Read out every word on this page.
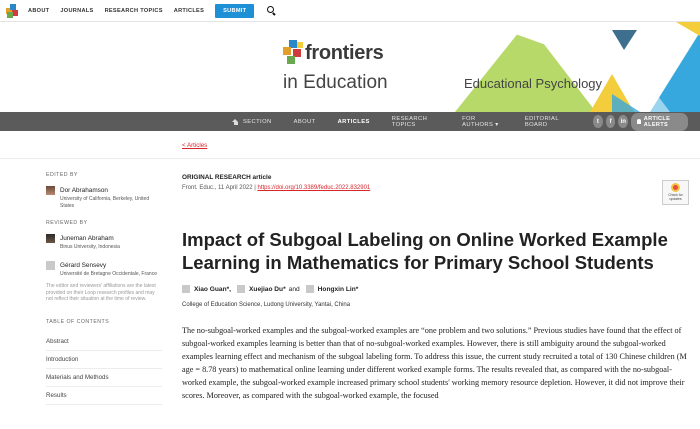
ABOUT JOURNALS RESEARCH TOPICS ARTICLES	SUBMIT
frontiers
in Education	Educational Psychology
SECTION	ABOUT	ARTICLES	RESEARCH TOPICS
FOR AUTHORS ▾
EDITORIAL BOARD	t	f	in	ARTICLE ALERTS
< Articles
EDITED BY
Dor Abrahamson
University of California, Berkeley, United States
REVIEWED BY
Juneman Abraham
Binus University, Indonesia
Gérard Sensevy
Université de Bretagne Occidentale, France
The editor and reviewers' affiliations are the latest provided on their Loop research profiles and may not reflect their situation at the time of review.
TABLE OF CONTENTS
Abstract
Introduction
Materials and Methods
Results
ORIGINAL RESEARCH article
Front. Educ., 11 April 2022 | https://doi.org/10.3389/feduc.2022.832901
Impact of Subgoal Labeling on Online Worked Example Learning in Mathematics for Primary School Students
Xiao Guan*,	Xuejiao Du* and	Hongxin Lin*
College of Education Science, Ludong University, Yantai, China

The no-subgoal-worked examples and the subgoal-worked examples are “one problem and two solutions.” Previous studies have found that the effect of subgoal-worked examples learning is better than that of no-subgoal-worked examples. However, there is still ambiguity around the subgoal-worked examples learning effect and mechanism of the subgoal labeling form. To address this issue, the current study recruited a total of 130 Chinese children (M age = 8.78 years) to mathematical online learning under different worked example forms. The results revealed that, as compared with the no-subgoal-worked example, the subgoal-worked example increased primary school students' working memory resource depletion. However, it did not improve their scores. Moreover, as compared with the subgoal-worked example, the focused

Check for updates
